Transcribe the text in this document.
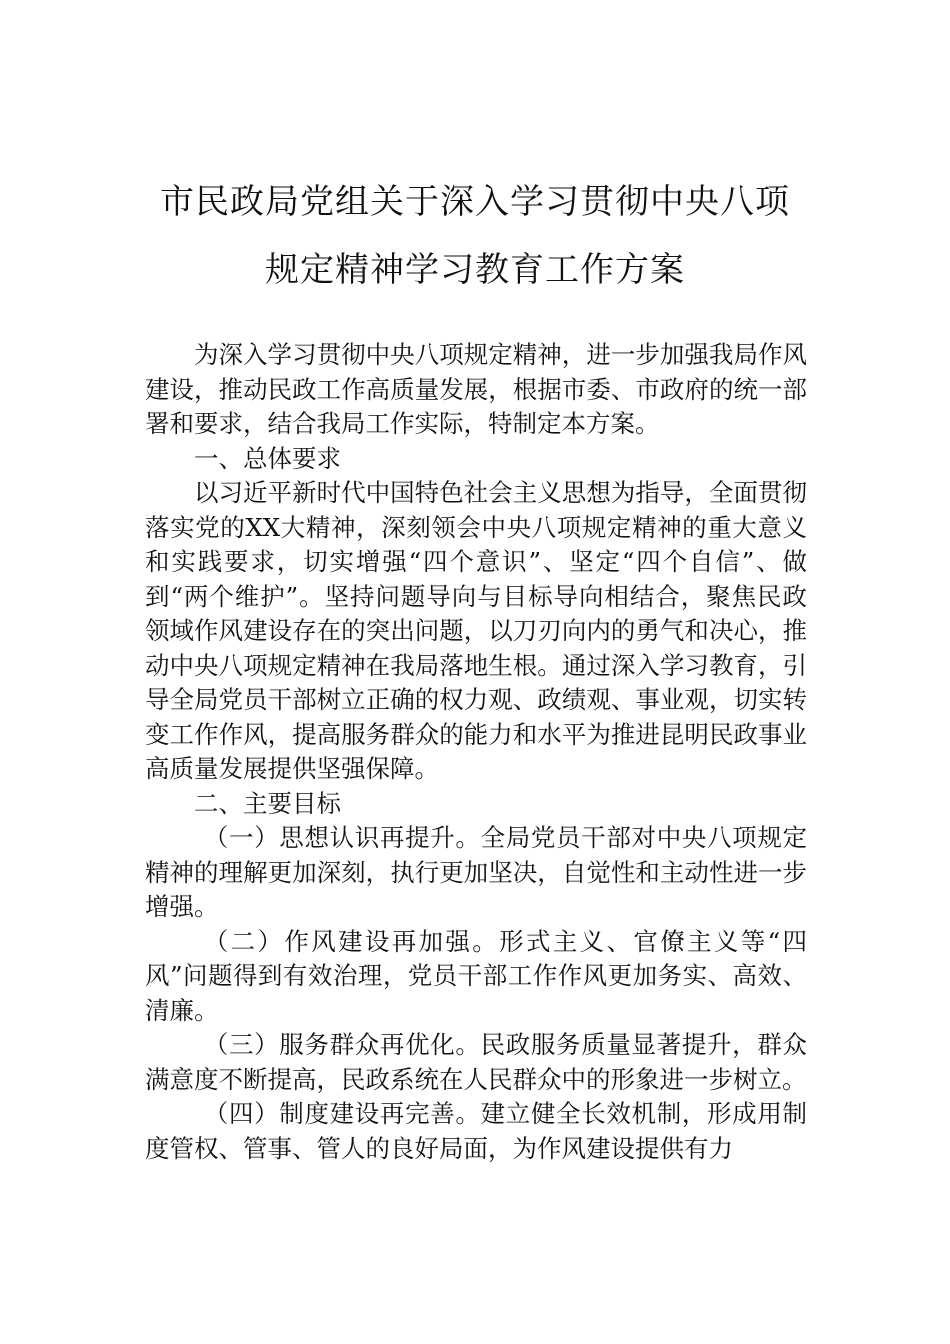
市民政局党组关于深入学习贯彻中央八项
规定精神学习教育工作方案

为深入学习贯彻中央八项规定精神，进一步加强我局作风建设，推动民政工作高质量发展，根据市委、市政府的统一部署和要求，结合我局工作实际，特制定本方案。

一、总体要求

以习近平新时代中国特色社会主义思想为指导，全面贯彻落实党的XX大精神，深刻领会中央八项规定精神的重大意义和实践要求，切实增强“四个意识”、坚定“四个自信”、做到“两个维护”。坚持问题导向与目标导向相结合，聚焦民政领域作风建设存在的突出问题，以刀刃向内的勇气和决心，推动中央八项规定精神在我局落地生根。通过深入学习教育，引导全局党员干部树立正确的权力观、政绩观、事业观，切实转变工作作风，提高服务群众的能力和水平为推进昆明民政事业高质量发展提供坚强保障。

二、主要目标

（一）思想认识再提升。全局党员干部对中央八项规定精神的理解更加深刻，执行更加坚决，自觉性和主动性进一步增强。

（二）作风建设再加强。形式主义、官僚主义等“四风”问题得到有效治理，党员干部工作作风更加务实、高效、清廉。

（三）服务群众再优化。民政服务质量显著提升，群众满意度不断提高，民政系统在人民群众中的形象进一步树立。

（四）制度建设再完善。建立健全长效机制，形成用制度管权、管事、管人的良好局面，为作风建设提供有力
